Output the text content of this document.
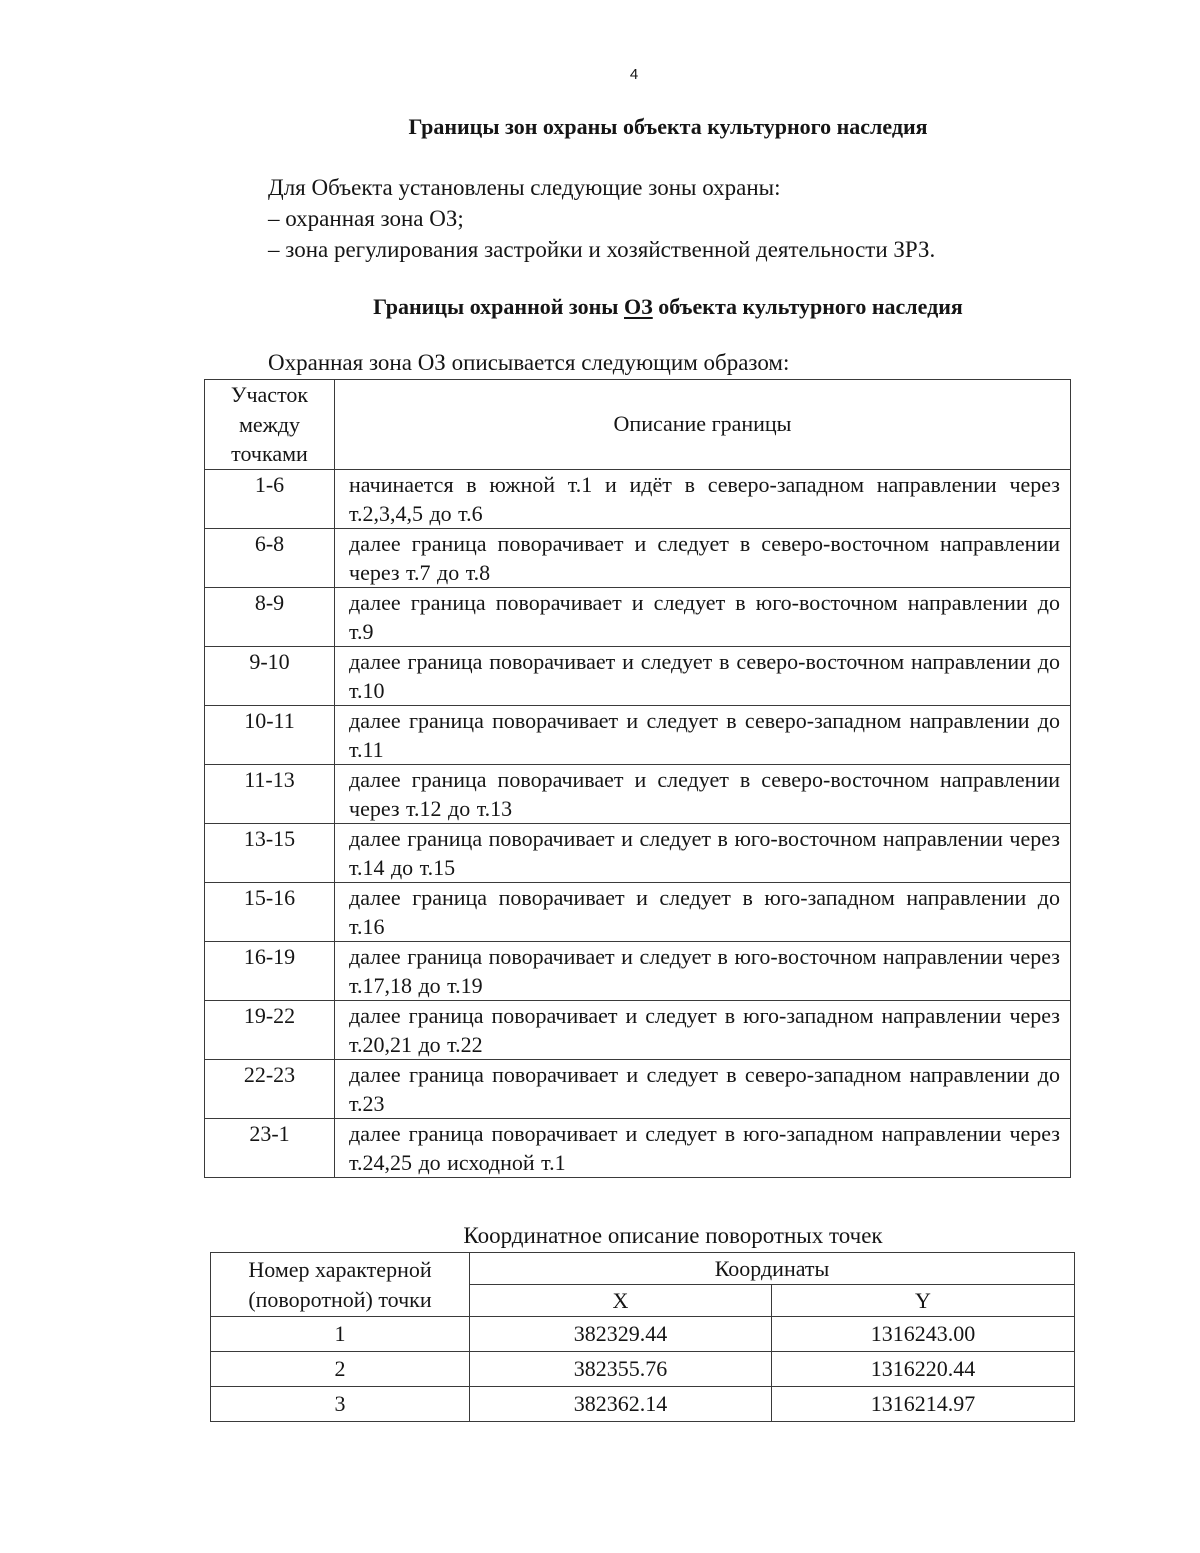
4
Границы зон охраны объекта культурного наследия
Для Объекта установлены следующие зоны охраны:
– охранная зона ОЗ;
– зона регулирования застройки и хозяйственной деятельности ЗРЗ.
Границы охранной зоны ОЗ объекта культурного наследия
Охранная зона ОЗ описывается следующим образом:
Участок
между
точками	Описание границы
1-6	начинается в южной т.1 и идёт в северо-западном направлении через т.2,3,4,5 до т.6
6-8	далее граница поворачивает и следует в северо-восточном направлении через т.7 до т.8
8-9	далее граница поворачивает и следует в юго-восточном направлении до т.9
9-10	далее граница поворачивает и следует в северо-восточном направлении до т.10
10-11	далее граница поворачивает и следует в северо-западном направлении до т.11
11-13	далее граница поворачивает и следует в северо-восточном направлении через т.12 до т.13
13-15	далее граница поворачивает и следует в юго-восточном направлении через т.14 до т.15
15-16	далее граница поворачивает и следует в юго-западном направлении до т.16
16-19	далее граница поворачивает и следует в юго-восточном направлении через т.17,18 до т.19
19-22	далее граница поворачивает и следует в юго-западном направлении через т.20,21 до т.22
22-23	далее граница поворачивает и следует в северо-западном направлении до т.23
23-1	далее граница поворачивает и следует в юго-западном направлении через т.24,25 до исходной т.1
Координатное описание поворотных точек
Номер характерной
(поворотной) точки	Координаты	
	X	Y
1	382329.44	1316243.00
2	382355.76	1316220.44
3	382362.14	1316214.97
